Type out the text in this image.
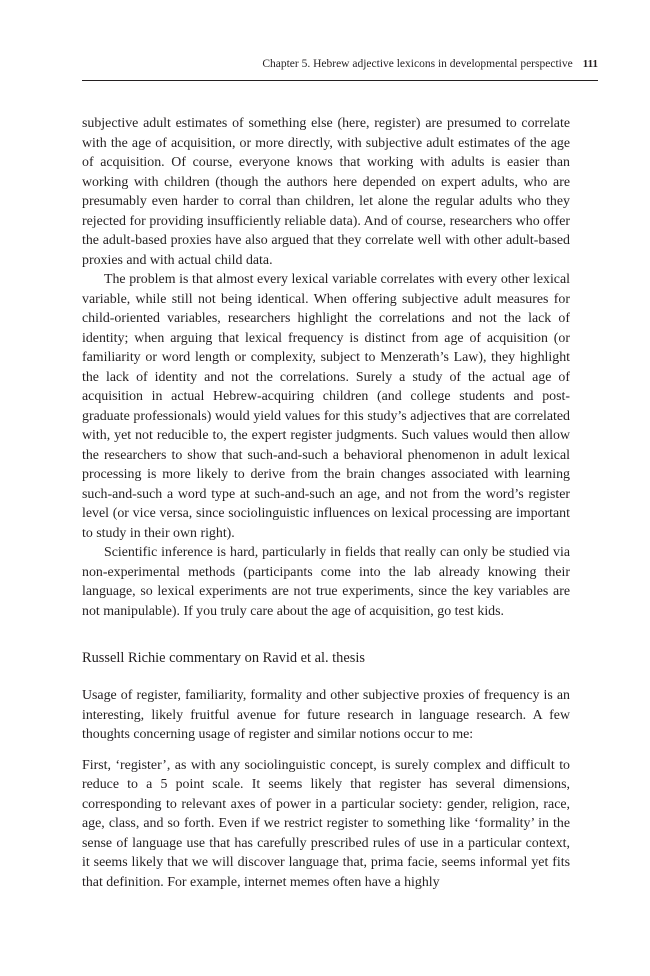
Chapter 5. Hebrew adjective lexicons in developmental perspective 111

subjective adult estimates of something else (here, register) are presumed to correlate with the age of acquisition, or more directly, with subjective adult estimates of the age of acquisition. Of course, everyone knows that working with adults is easier than working with children (though the authors here depended on expert adults, who are presumably even harder to corral than children, let alone the regular adults who they rejected for providing insufficiently reliable data). And of course, researchers who offer the adult-based proxies have also argued that they correlate well with other adult-based proxies and with actual child data.

The problem is that almost every lexical variable correlates with every other lexical variable, while still not being identical. When offering subjective adult measures for child-oriented variables, researchers highlight the correlations and not the lack of identity; when arguing that lexical frequency is distinct from age of acquisition (or familiarity or word length or complexity, subject to Menzerath’s Law), they highlight the lack of identity and not the correlations. Surely a study of the actual age of acquisition in actual Hebrew-acquiring children (and college students and post-graduate professionals) would yield values for this study’s adjectives that are correlated with, yet not reducible to, the expert register judgments. Such values would then allow the researchers to show that such-and-such a behavioral phenomenon in adult lexical processing is more likely to derive from the brain changes associated with learning such-and-such a word type at such-and-such an age, and not from the word’s register level (or vice versa, since sociolinguistic influences on lexical processing are important to study in their own right).

Scientific inference is hard, particularly in fields that really can only be studied via non-experimental methods (participants come into the lab already knowing their language, so lexical experiments are not true experiments, since the key variables are not manipulable). If you truly care about the age of acquisition, go test kids.

Russell Richie commentary on Ravid et al. thesis

Usage of register, familiarity, formality and other subjective proxies of frequency is an interesting, likely fruitful avenue for future research in language research. A few thoughts concerning usage of register and similar notions occur to me:

First, ‘register’, as with any sociolinguistic concept, is surely complex and difficult to reduce to a 5 point scale. It seems likely that register has several dimensions, corresponding to relevant axes of power in a particular society: gender, religion, race, age, class, and so forth. Even if we restrict register to something like ‘formality’ in the sense of language use that has carefully prescribed rules of use in a particular context, it seems likely that we will discover language that, prima facie, seems informal yet fits that definition. For example, internet memes often have a highly
